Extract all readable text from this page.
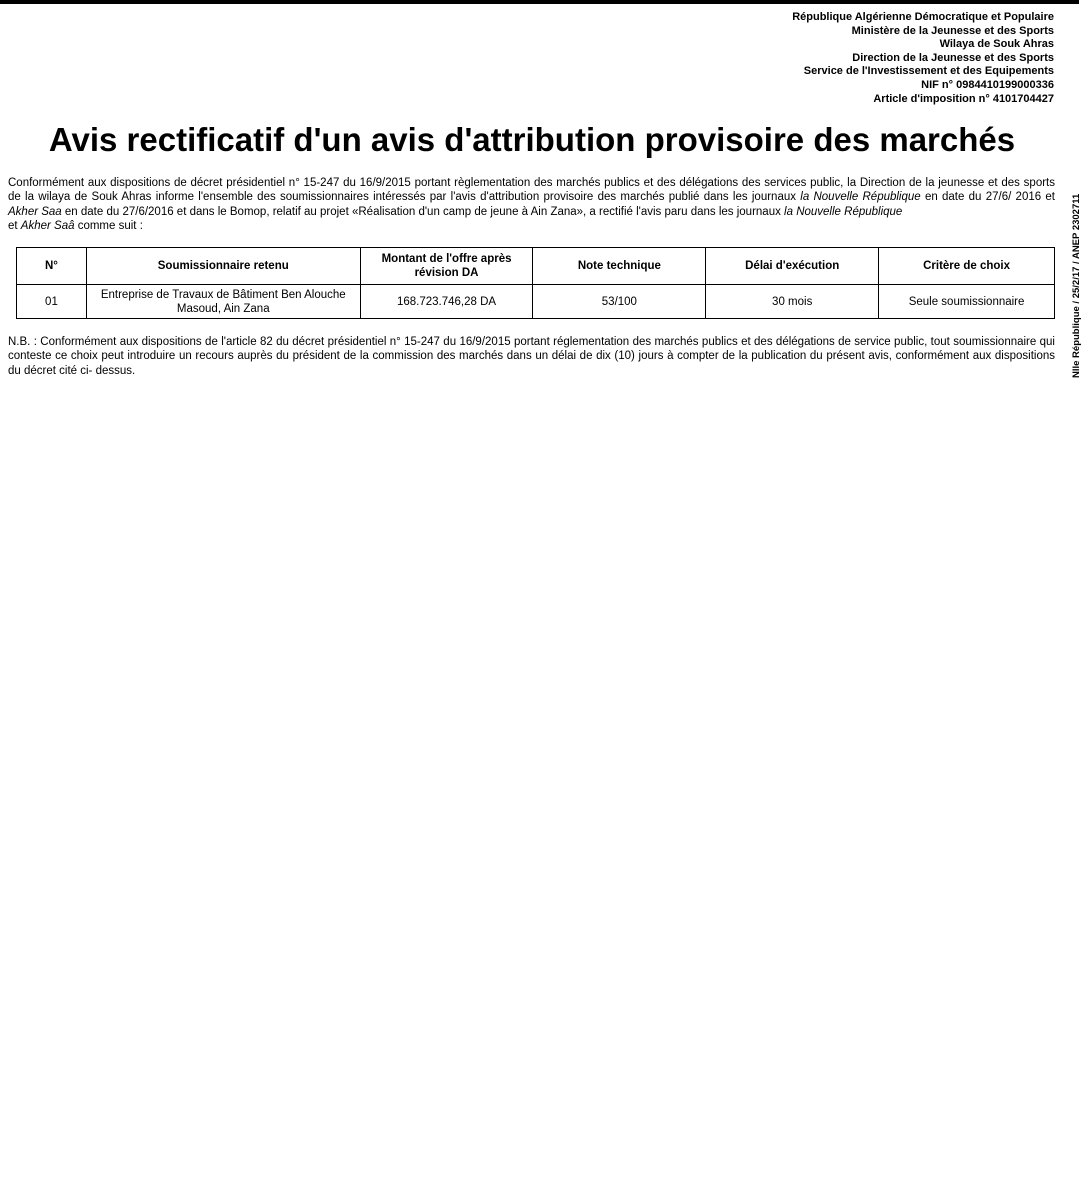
République Algérienne Démocratique et Populaire
Ministère de la Jeunesse et des Sports
Wilaya de Souk Ahras
Direction de la Jeunesse et des Sports
Service de l'Investissement et des Equipements
NIF n° 0984410199000336
Article d'imposition n° 4101704427
Avis rectificatif d'un avis d'attribution provisoire des marchés

Conformément aux dispositions de décret présidentiel n° 15-247 du 16/9/2015 portant règlementation des marchés publics et des délégations des services public, la Direction de la jeunesse et des sports de la wilaya de Souk Ahras informe l'ensemble des soumissionnaires intéressés par l'avis d'attribution provisoire des marchés publié dans les journaux la Nouvelle République en date du 27/6/ 2016 et Akher Saa en date du 27/6/2016 et dans le Bomop, relatif au projet «Réalisation d'un camp de jeune à Ain Zana», a rectifié l'avis paru dans les journaux la Nouvelle République
et Akher Saâ comme suit :

N°	Soumissionnaire retenu	Montant de l'offre après révision DA	Note technique	Délai d'exécution	Critère de choix
01	Entreprise de Travaux de Bâtiment Ben Alouche Masoud, Ain Zana	168.723.746,28 DA	53/100	30 mois	Seule soumissionnaire

N.B. : Conformément aux dispositions de l'article 82 du décret présidentiel n° 15-247 du 16/9/2015 portant réglementation des marchés publics et des délégations de service public, tout soumissionnaire qui conteste ce choix peut introduire un recours auprès du président de la commission des marchés dans un délai de dix (10) jours à compter de la publication du présent avis, conformément aux dispositions du décret cité ci- dessus.	Nlle République / 25/2/17 / ANEP 2302711
